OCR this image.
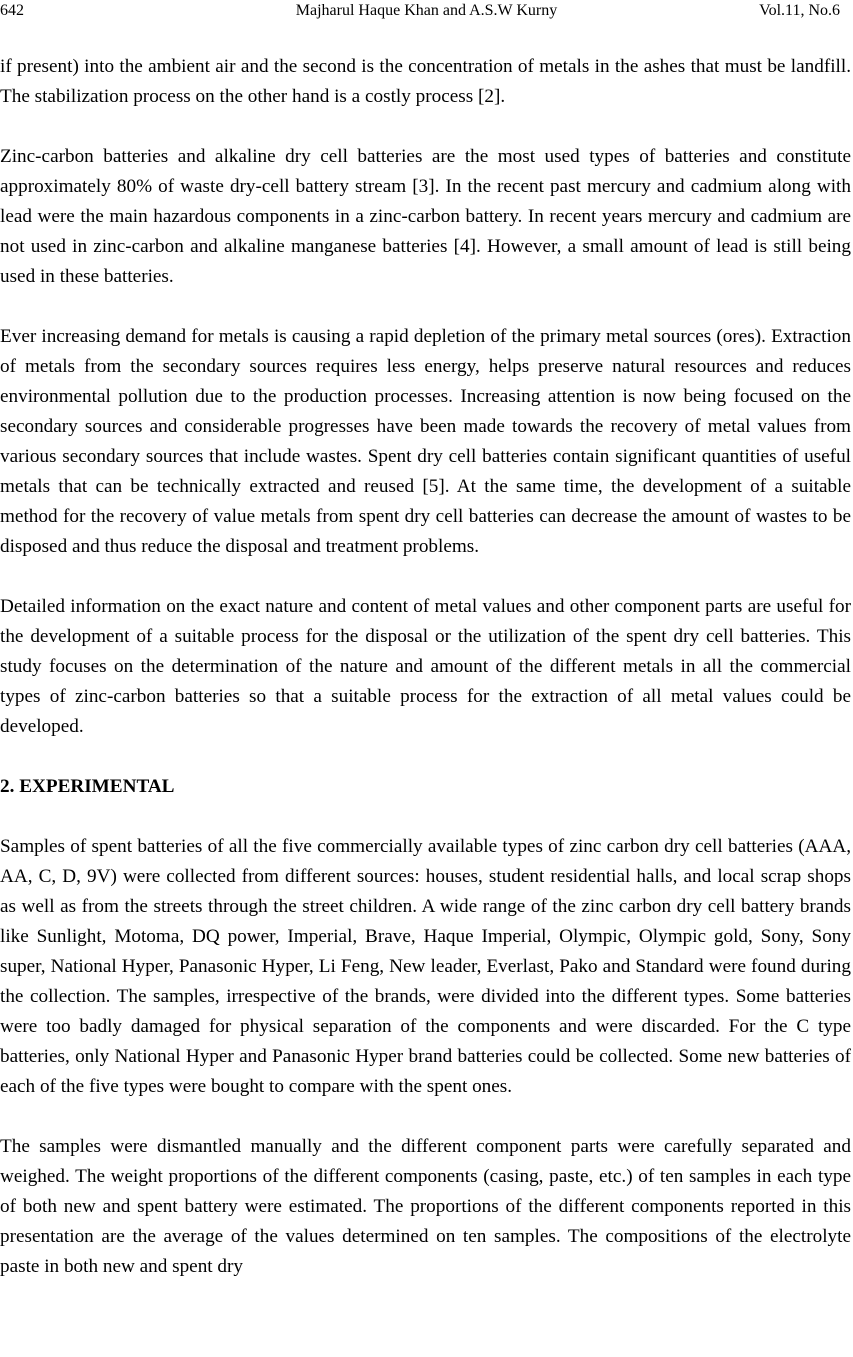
642	Majharul Haque Khan and A.S.W Kurny	Vol.11, No.6

if present) into the ambient air and the second is the concentration of metals in the ashes that must be landfill. The stabilization process on the other hand is a costly process [2].

Zinc-carbon batteries and alkaline dry cell batteries are the most used types of batteries and constitute approximately 80% of waste dry-cell battery stream [3]. In the recent past mercury and cadmium along with lead were the main hazardous components in a zinc-carbon battery. In recent years mercury and cadmium are not used in zinc-carbon and alkaline manganese batteries [4]. However, a small amount of lead is still being used in these batteries.

Ever increasing demand for metals is causing a rapid depletion of the primary metal sources (ores). Extraction of metals from the secondary sources requires less energy, helps preserve natural resources and reduces environmental pollution due to the production processes. Increasing attention is now being focused on the secondary sources and considerable progresses have been made towards the recovery of metal values from various secondary sources that include wastes. Spent dry cell batteries contain significant quantities of useful metals that can be technically extracted and reused [5]. At the same time, the development of a suitable method for the recovery of value metals from spent dry cell batteries can decrease the amount of wastes to be disposed and thus reduce the disposal and treatment problems.

Detailed information on the exact nature and content of metal values and other component parts are useful for the development of a suitable process for the disposal or the utilization of the spent dry cell batteries. This study focuses on the determination of the nature and amount of the different metals in all the commercial types of zinc-carbon batteries so that a suitable process for the extraction of all metal values could be developed.

2. EXPERIMENTAL

Samples of spent batteries of all the five commercially available types of zinc carbon dry cell batteries (AAA, AA, C, D, 9V) were collected from different sources: houses, student residential halls, and local scrap shops as well as from the streets through the street children. A wide range of the zinc carbon dry cell battery brands like Sunlight, Motoma, DQ power, Imperial, Brave, Haque Imperial, Olympic, Olympic gold, Sony, Sony super, National Hyper, Panasonic Hyper, Li Feng, New leader, Everlast, Pako and Standard were found during the collection. The samples, irrespective of the brands, were divided into the different types. Some batteries were too badly damaged for physical separation of the components and were discarded. For the C type batteries, only National Hyper and Panasonic Hyper brand batteries could be collected. Some new batteries of each of the five types were bought to compare with the spent ones.

The samples were dismantled manually and the different component parts were carefully separated and weighed. The weight proportions of the different components (casing, paste, etc.) of ten samples in each type of both new and spent battery were estimated. The proportions of the different components reported in this presentation are the average of the values determined on ten samples. The compositions of the electrolyte paste in both new and spent dry
